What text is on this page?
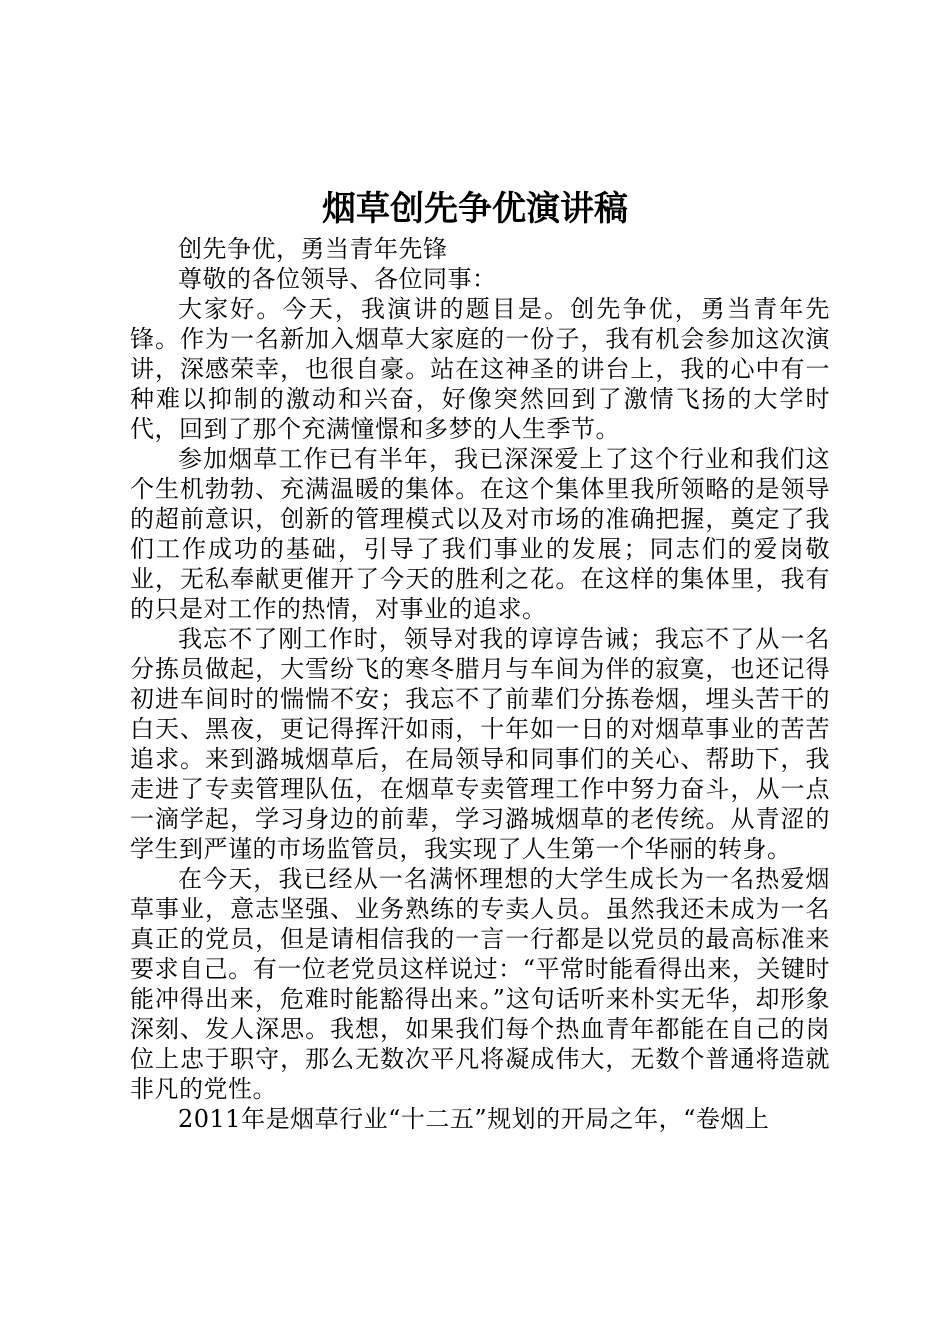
烟草创先争优演讲稿

创先争优，勇当青年先锋

尊敬的各位领导、各位同事：

大家好。今天，我演讲的题目是。创先争优，勇当青年先锋。作为一名新加入烟草大家庭的一份子，我有机会参加这次演讲，深感荣幸，也很自豪。站在这神圣的讲台上，我的心中有一种难以抑制的激动和兴奋，好像突然回到了激情飞扬的大学时代，回到了那个充满憧憬和多梦的人生季节。

参加烟草工作已有半年，我已深深爱上了这个行业和我们这个生机勃勃、充满温暖的集体。在这个集体里我所领略的是领导的超前意识，创新的管理模式以及对市场的准确把握，奠定了我们工作成功的基础，引导了我们事业的发展；同志们的爱岗敬业，无私奉献更催开了今天的胜利之花。在这样的集体里，我有的只是对工作的热情，对事业的追求。

我忘不了刚工作时，领导对我的谆谆告诫；我忘不了从一名分拣员做起，大雪纷飞的寒冬腊月与车间为伴的寂寞，也还记得初进车间时的惴惴不安；我忘不了前辈们分拣卷烟，埋头苦干的白天、黑夜，更记得挥汗如雨，十年如一日的对烟草事业的苦苦追求。来到潞城烟草后，在局领导和同事们的关心、帮助下，我走进了专卖管理队伍，在烟草专卖管理工作中努力奋斗，从一点一滴学起，学习身边的前辈，学习潞城烟草的老传统。从青涩的学生到严谨的市场监管员，我实现了人生第一个华丽的转身。

在今天，我已经从一名满怀理想的大学生成长为一名热爱烟草事业，意志坚强、业务熟练的专卖人员。虽然我还未成为一名真正的党员，但是请相信我的一言一行都是以党员的最高标准来要求自己。有一位老党员这样说过：“平常时能看得出来，关键时能冲得出来，危难时能豁得出来。”这句话听来朴实无华，却形象深刻、发人深思。我想，如果我们每个热血青年都能在自己的岗位上忠于职守，那么无数次平凡将凝成伟大，无数个普通将造就非凡的党性。

2011年是烟草行业“十二五”规划的开局之年，“卷烟上
